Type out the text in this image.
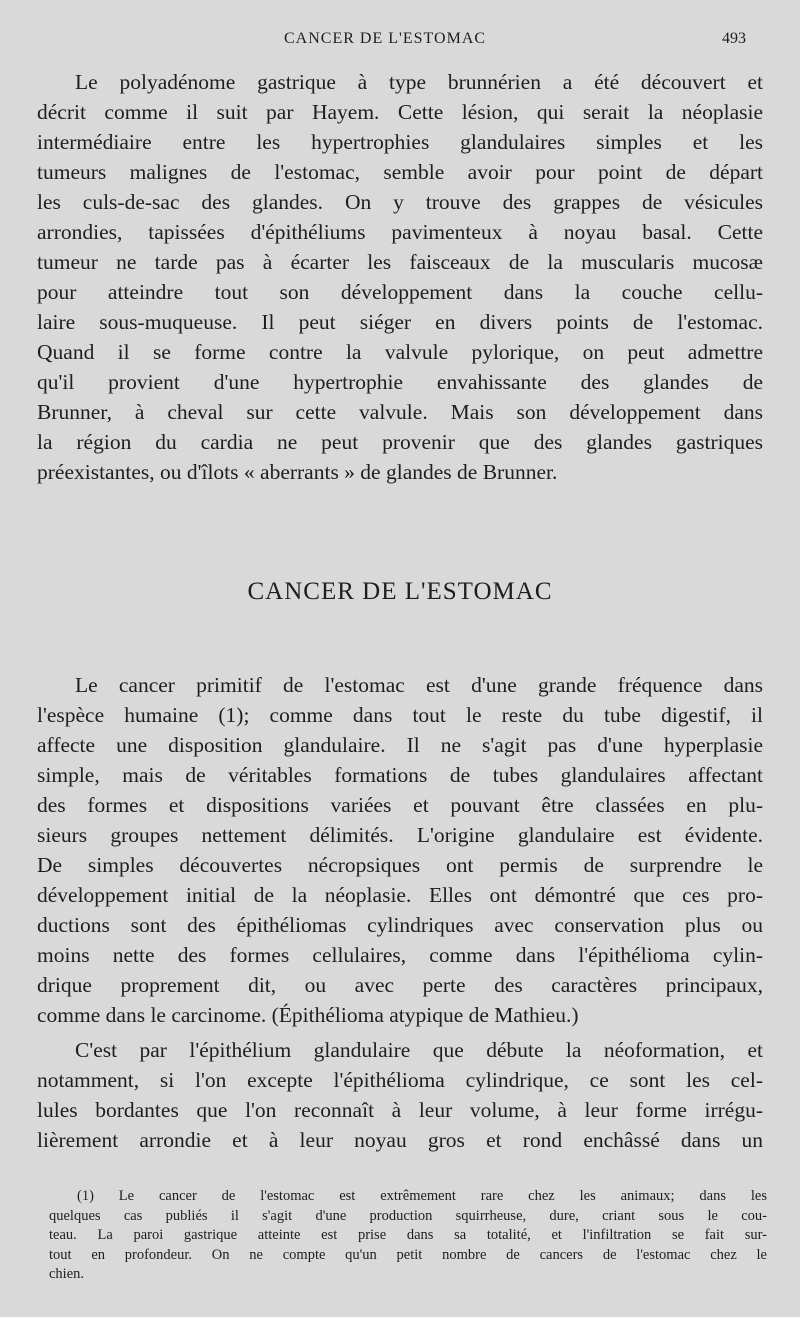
CANCER DE L'ESTOMAC	493
Le polyadénome gastrique à type brunnérien a été découvert et
décrit comme il suit par Hayem. Cette lésion, qui serait la néoplasie
intermédiaire entre les hypertrophies glandulaires simples et les
tumeurs malignes de l'estomac, semble avoir pour point de départ
les culs-de-sac des glandes. On y trouve des grappes de vésicules
arrondies, tapissées d'épithéliums pavimenteux à noyau basal. Cette
tumeur ne tarde pas à écarter les faisceaux de la muscularis mucosæ
pour atteindre tout son développement dans la couche cellu-
laire sous-muqueuse. Il peut siéger en divers points de l'estomac.
Quand il se forme contre la valvule pylorique, on peut admettre
qu'il provient d'une hypertrophie envahissante des glandes de
Brunner, à cheval sur cette valvule. Mais son développement dans
la région du cardia ne peut provenir que des glandes gastriques
préexistantes, ou d'îlots « aberrants » de glandes de Brunner.
CANCER DE L'ESTOMAC
Le cancer primitif de l'estomac est d'une grande fréquence dans
l'espèce humaine (1); comme dans tout le reste du tube digestif, il
affecte une disposition glandulaire. Il ne s'agit pas d'une hyperplasie
simple, mais de véritables formations de tubes glandulaires affectant
des formes et dispositions variées et pouvant être classées en plu-
sieurs groupes nettement délimités. L'origine glandulaire est évidente.
De simples découvertes nécropsiques ont permis de surprendre le
développement initial de la néoplasie. Elles ont démontré que ces pro-
ductions sont des épithéliomas cylindriques avec conservation plus ou
moins nette des formes cellulaires, comme dans l'épithélioma cylin-
drique proprement dit, ou avec perte des caractères principaux,
comme dans le carcinome. (Épithélioma atypique de Mathieu.)
C'est par l'épithélium glandulaire que débute la néoformation, et
notamment, si l'on excepte l'épithélioma cylindrique, ce sont les cel-
lules bordantes que l'on reconnaît à leur volume, à leur forme irrégu-
lièrement arrondie et à leur noyau gros et rond enchâssé dans un
(1) Le cancer de l'estomac est extrêmement rare chez les animaux; dans les
quelques cas publiés il s'agit d'une production squirrheuse, dure, criant sous le cou-
teau. La paroi gastrique atteinte est prise dans sa totalité, et l'infiltration se fait sur-
tout en profondeur. On ne compte qu'un petit nombre de cancers de l'estomac chez le
chien.
